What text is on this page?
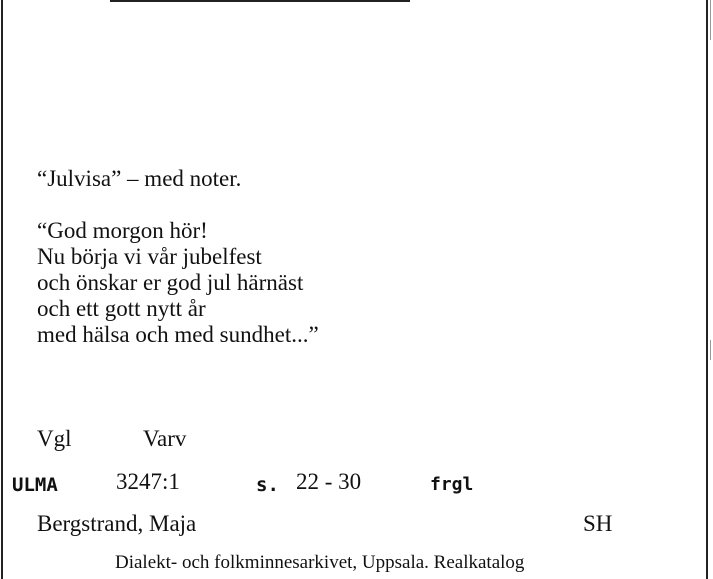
“Julvisa” – med noter.
“God morgon hör!
Nu börja vi vår jubelfest
och önskar er god jul härnäst
och ett gott nytt år
med hälsa och med sundhet...”
Vgl	Varv
ULMA	3247:1	s. 22 - 30	frgl
Bergstrand, Maja	SH
Dialekt- och folkminnesarkivet, Uppsala. Realkatalog
